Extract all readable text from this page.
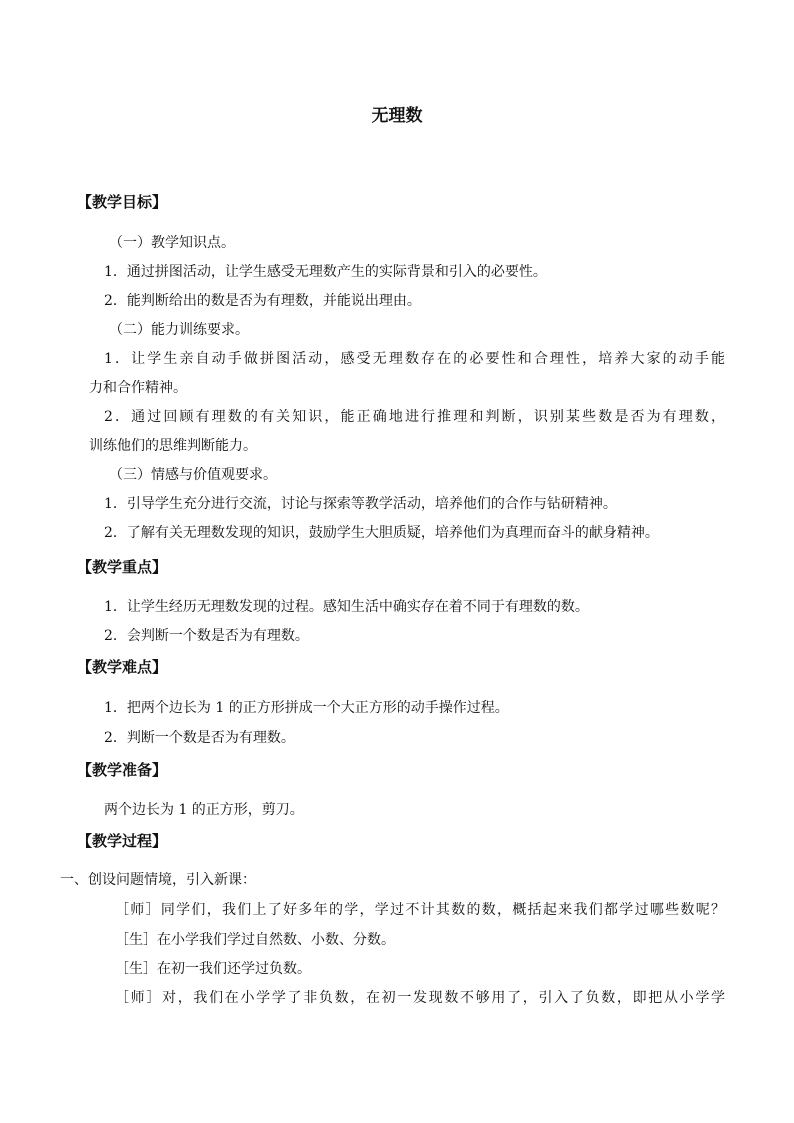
无理数
【教学目标】
（一）教学知识点。
1．通过拼图活动，让学生感受无理数产生的实际背景和引入的必要性。
2．能判断给出的数是否为有理数，并能说出理由。
（二）能力训练要求。
1．让学生亲自动手做拼图活动，感受无理数存在的必要性和合理性，培养大家的动手能
力和合作精神。
2．通过回顾有理数的有关知识，能正确地进行推理和判断，识别某些数是否为有理数，
训练他们的思维判断能力。
（三）情感与价值观要求。
1．引导学生充分进行交流，讨论与探索等教学活动，培养他们的合作与钻研精神。
2．了解有关无理数发现的知识，鼓励学生大胆质疑，培养他们为真理而奋斗的献身精神。
【教学重点】
1．让学生经历无理数发现的过程。感知生活中确实存在着不同于有理数的数。
2．会判断一个数是否为有理数。
【教学难点】
1．把两个边长为 1 的正方形拼成一个大正方形的动手操作过程。
2．判断一个数是否为有理数。
【教学准备】
两个边长为 1 的正方形，剪刀。
【教学过程】
一、创设问题情境，引入新课：
［师］同学们，我们上了好多年的学，学过不计其数的数，概括起来我们都学过哪些数呢？
［生］在小学我们学过自然数、小数、分数。
［生］在初一我们还学过负数。
［师］对，我们在小学学了非负数，在初一发现数不够用了，引入了负数，即把从小学学
